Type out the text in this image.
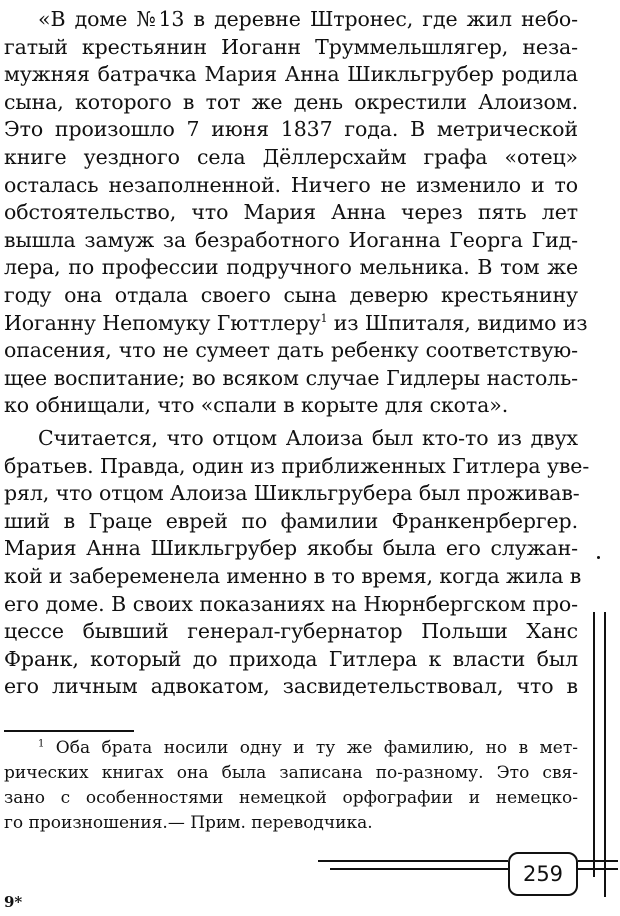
«В доме №13 в деревне Штронес, где жил небо-
гатый крестьянин Иоганн Труммельшлягер, неза-
мужняя батрачка Мария Анна Шикльгрубер родила
сына, которого в тот же день окрестили Алоизом.
Это произошло 7 июня 1837 года. В метрической
книге уездного села Дёллерсхайм графа «отец»
осталась незаполненной. Ничего не изменило и то
обстоятельство, что Мария Анна через пять лет
вышла замуж за безработного Иоганна Георга Гид-
лера, по профессии подручного мельника. В том же
году она отдала своего сына деверю крестьянину
Иоганну Непомуку Гюттлеру$^1$ из Шпиталя, видимо из
опасения, что не сумеет дать ребенку соответствую-
щее воспитание; во всяком случае Гидлеры настоль-
ко обнищали, что «спали в корыте для скота».
Считается, что отцом Алоиза был кто-то из двух
братьев. Правда, один из приближенных Гитлера уве-
рял, что отцом Алоиза Шикльгрубера был проживав-
ший в Граце еврей по фамилии Франкенрбергер.
Мария Анна Шикльгрубер якобы была его служан-
кой и забеременела именно в то время, когда жила в
его доме. В своих показаниях на Нюрнбергском про-
цессе бывший генерал-губернатор Польши Ханс
Франк, который до прихода Гитлера к власти был
его личным адвокатом, засвидетельствовал, что в
$^1$ Оба брата носили одну и ту же фамилию, но в мет-
рических книгах она была записана по-разному. Это свя-
зано с особенностями немецкой орфографии и немецко-
го произношения.— Прим. переводчика.
259
9*
